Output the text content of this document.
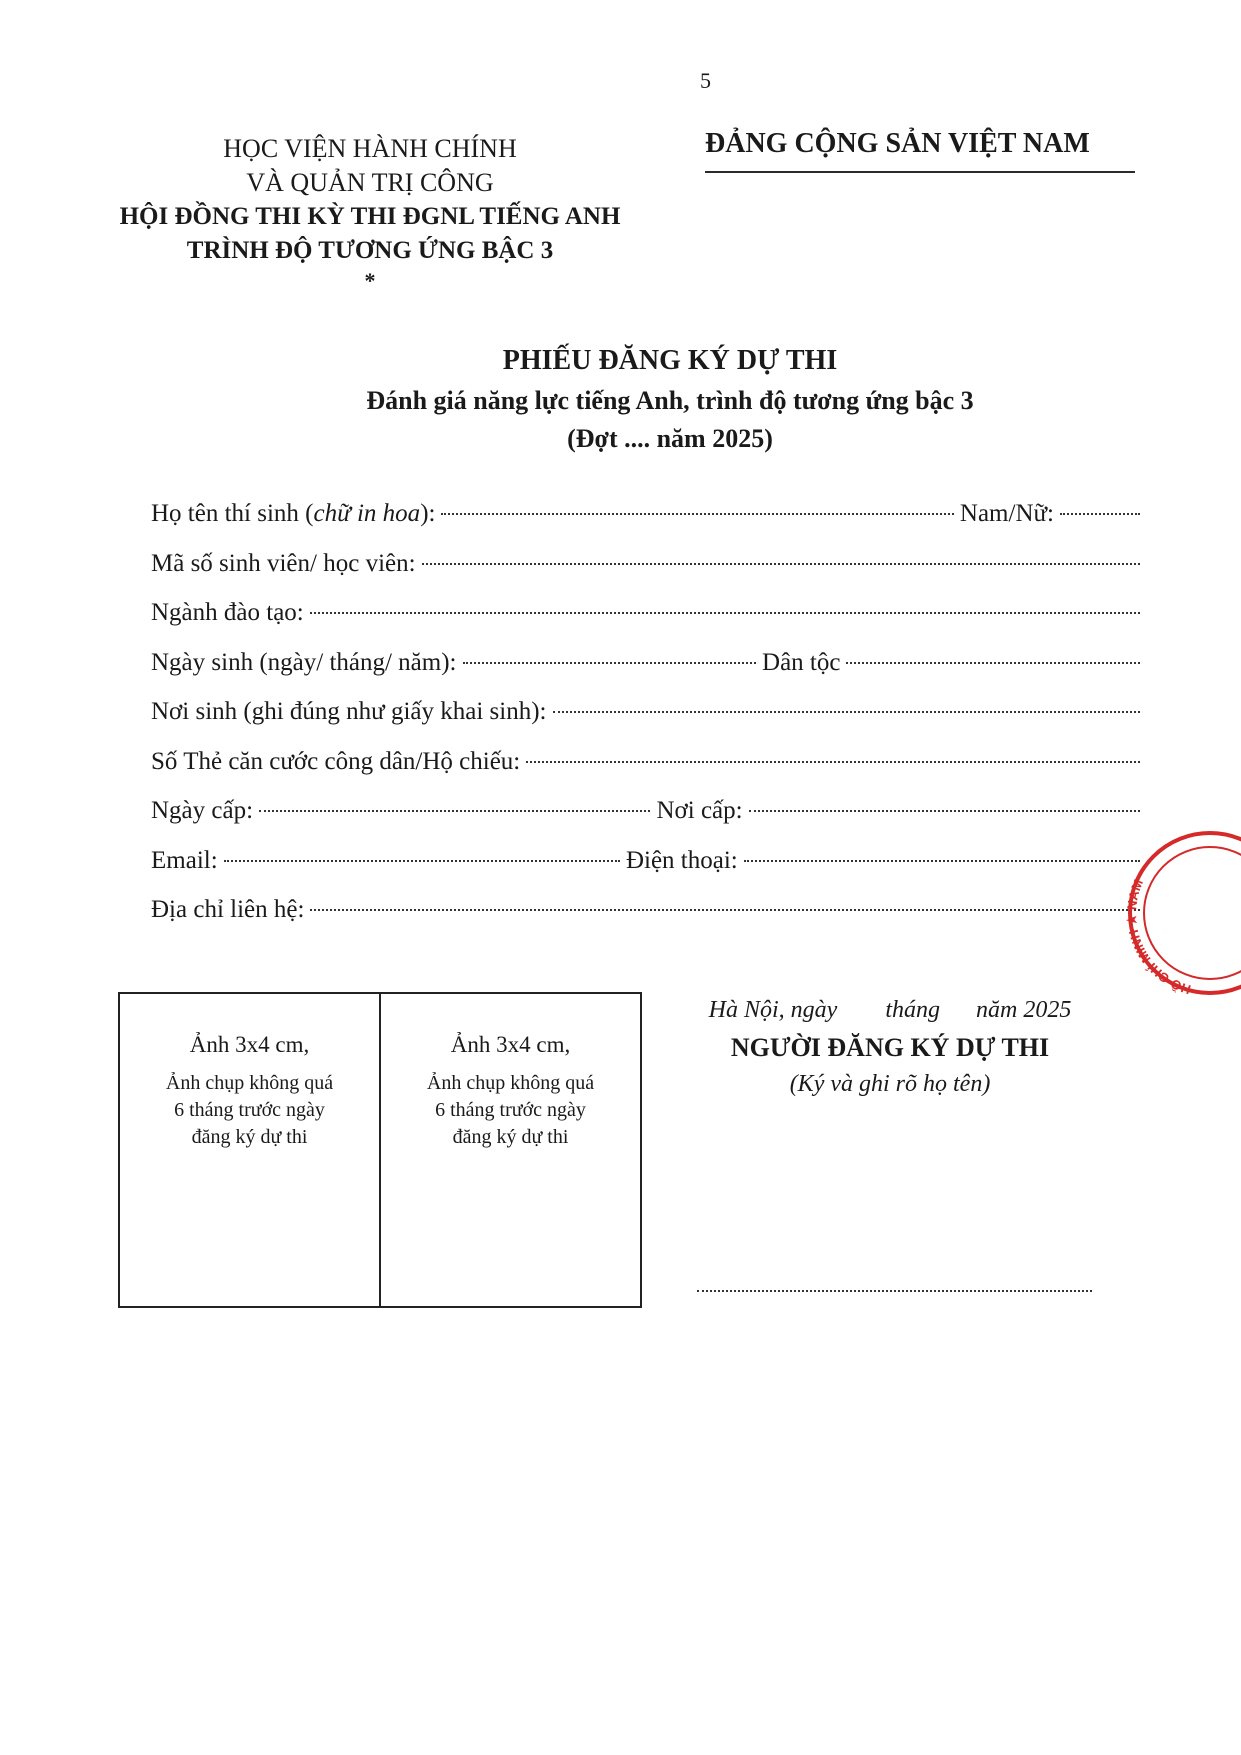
5
HỌC VIỆN HÀNH CHÍNH
VÀ QUẢN TRỊ CÔNG
HỘI ĐỒNG THI KỲ THI ĐGNL TIẾNG ANH
TRÌNH ĐỘ TƯƠNG ỨNG BẬC 3
*
ĐẢNG CỘNG SẢN VIỆT NAM
PHIẾU ĐĂNG KÝ DỰ THI
Đánh giá năng lực tiếng Anh, trình độ tương ứng bậc 3
(Đợt .... năm 2025)
Họ tên thí sinh (chữ in hoa):	Nam/Nữ:
Mã số sinh viên/ học viên:
Ngành đào tạo:
Ngày sinh (ngày/ tháng/ năm):	Dân tộc
Nơi sinh (ghi đúng như giấy khai sinh):
Số Thẻ căn cước công dân/Hộ chiếu:
Ngày cấp:	Nơi cấp:
Email:	Điện thoại:
Địa chỉ liên hệ:
Ảnh 3x4 cm,
Ảnh chụp không quá 6 tháng trước ngày đăng ký dự thi
Ảnh 3x4 cm,
Ảnh chụp không quá 6 tháng trước ngày đăng ký dự thi
Hà Nội, ngày        tháng      năm 2025
NGƯỜI ĐĂNG KÝ DỰ THI
(Ký và ghi rõ họ tên)
HỒ CHÍ MINH ★ NAM
